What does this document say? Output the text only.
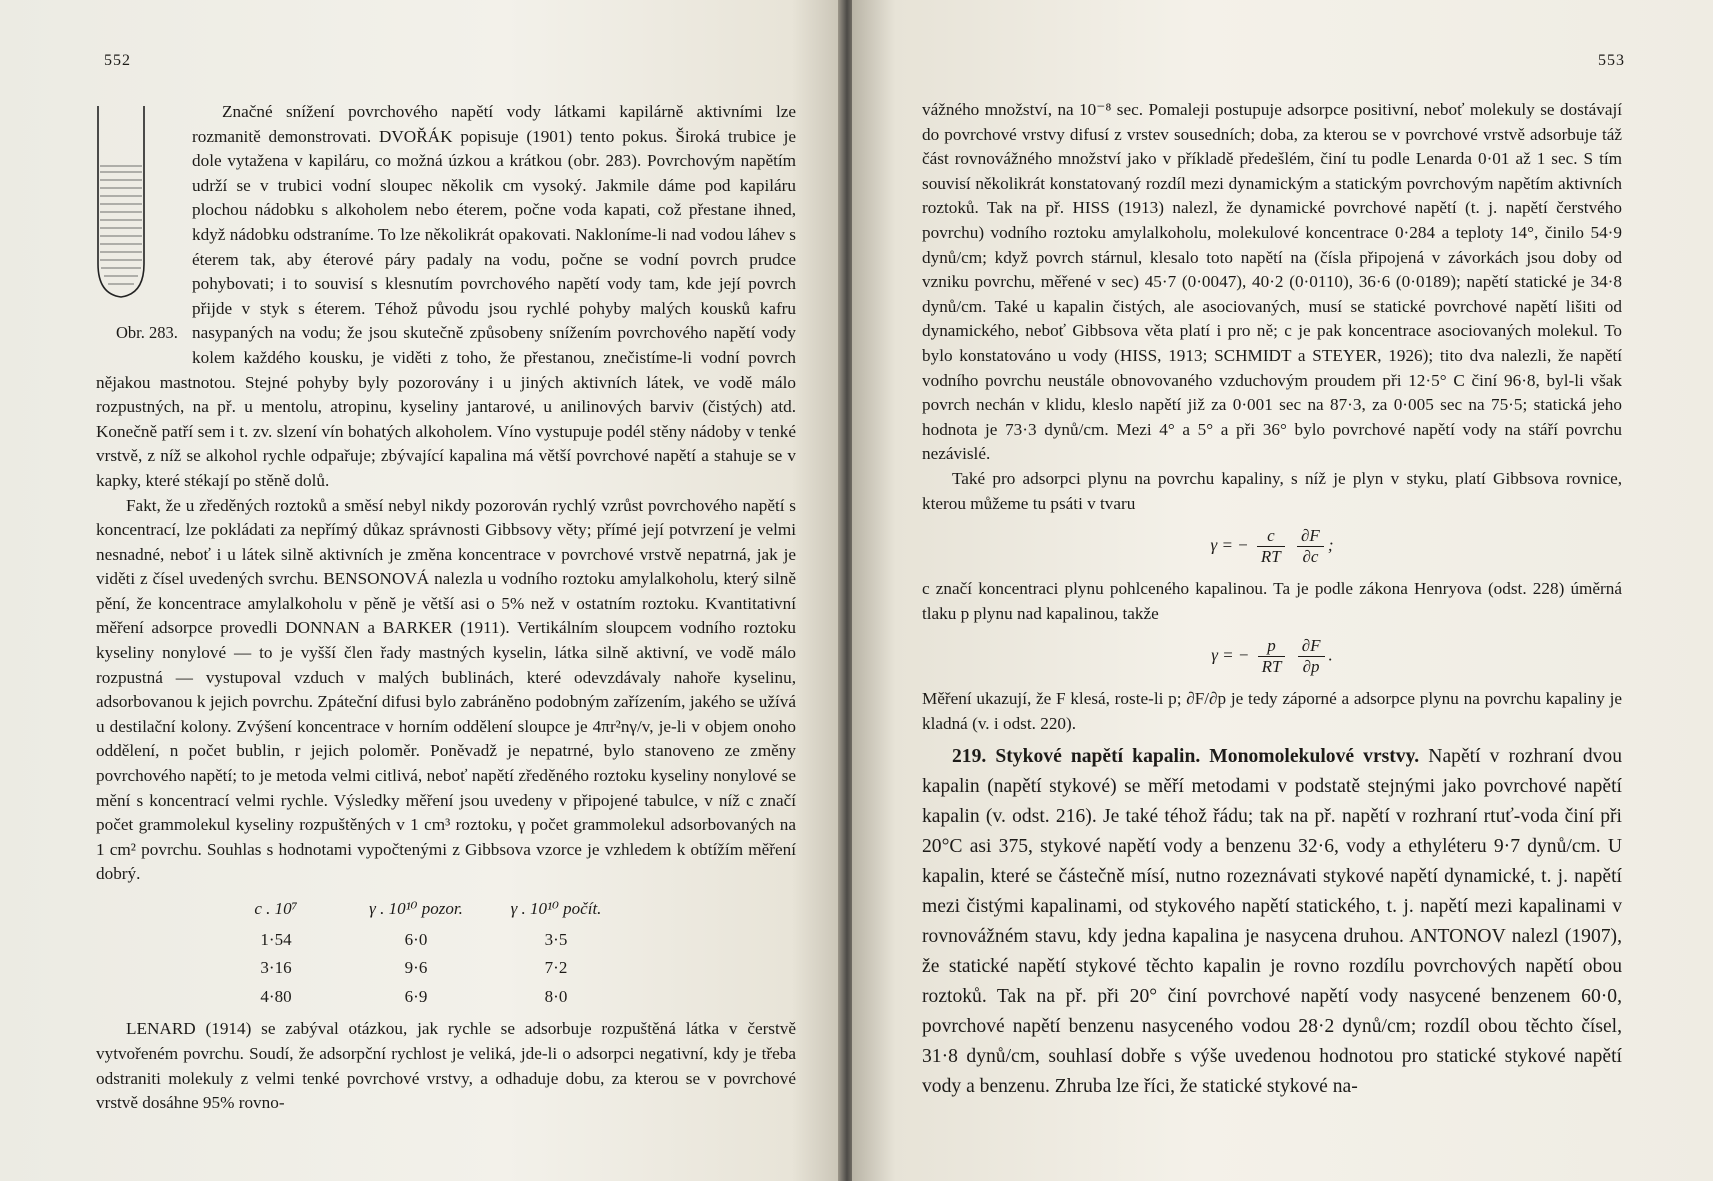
552

Obr. 283.
Značné snížení povrchového napětí vody látkami kapilárně aktivními lze rozmanitě demonstrovati. DVOŘÁK popisuje (1901) tento pokus. Široká trubice je dole vytažena v kapiláru, co možná úzkou a krátkou (obr. 283). Povrchovým napětím udrží se v trubici vodní sloupec několik cm vysoký. Jakmile dáme pod kapiláru plochou nádobku s alkoholem nebo éterem, počne voda kapati, což přestane ihned, když nádobku odstraníme. To lze několikrát opakovati. Nakloníme-li nad vodou láhev s éterem tak, aby éterové páry padaly na vodu, počne se vodní povrch prudce pohybovati; i to souvisí s klesnutím povrchového napětí vody tam, kde její povrch přijde v styk s éterem. Téhož původu jsou rychlé pohyby malých kousků kafru nasypaných na vodu; že jsou skutečně způsobeny snížením povrchového napětí vody kolem každého kousku, je viděti z toho, že přestanou, znečistíme-li vodní povrch nějakou mastnotou. Stejné pohyby byly pozorovány i u jiných aktivních látek, ve vodě málo rozpustných, na př. u mentolu, atropinu, kyseliny jantarové, u anilinových barviv (čistých) atd. Konečně patří sem i t. zv. slzení vín bohatých alkoholem. Víno vystupuje podél stěny nádoby v tenké vrstvě, z níž se alkohol rychle odpařuje; zbývající kapalina má větší povrchové napětí a stahuje se v kapky, které stékají po stěně dolů.

Fakt, že u zředěných roztoků a směsí nebyl nikdy pozorován rychlý vzrůst povrchového napětí s koncentrací, lze pokládati za nepřímý důkaz správnosti Gibbsovy věty; přímé její potvrzení je velmi nesnadné, neboť i u látek silně aktivních je změna koncentrace v povrchové vrstvě nepatrná, jak je viděti z čísel uvedených svrchu. BENSONOVÁ nalezla u vodního roztoku amylalkoholu, který silně pění, že koncentrace amylalkoholu v pěně je větší asi o 5% než v ostatním roztoku. Kvantitativní měření adsorpce provedli DONNAN a BARKER (1911). Vertikálním sloupcem vodního roztoku kyseliny nonylové — to je vyšší člen řady mastných kyselin, látka silně aktivní, ve vodě málo rozpustná — vystupoval vzduch v malých bublinách, které odevzdávaly nahoře kyselinu, adsorbovanou k jejich povrchu. Zpáteční difusi bylo zabráněno podobným zařízením, jakého se užívá u destilační kolony. Zvýšení koncentrace v horním oddělení sloupce je 4πr²nγ/v, je-li v objem onoho oddělení, n počet bublin, r jejich poloměr. Poněvadž je nepatrné, bylo stanoveno ze změny povrchového napětí; to je metoda velmi citlivá, neboť napětí zředěného roztoku kyseliny nonylové se mění s koncentrací velmi rychle. Výsledky měření jsou uvedeny v připojené tabulce, v níž c značí počet grammolekul kyseliny rozpuštěných v 1 cm³ roztoku, γ počet grammolekul adsorbovaných na 1 cm² povrchu. Souhlas s hodnotami vypočtenými z Gibbsova vzorce je vzhledem k obtížím měření dobrý.

c . 10⁷	γ . 10¹⁰ pozor.	γ . 10¹⁰ počít.
1·54	6·0	3·5
3·16	9·6	7·2
4·80	6·9	8·0

LENARD (1914) se zabýval otázkou, jak rychle se adsorbuje rozpuštěná látka v čerstvě vytvořeném povrchu. Soudí, že adsorpční rychlost je veliká, jde-li o adsorpci negativní, kdy je třeba odstraniti molekuly z velmi tenké povrchové vrstvy, a odhaduje dobu, za kterou se v povrchové vrstvě dosáhne 95% rovno-

553

vážného množství, na 10⁻⁸ sec. Pomaleji postupuje adsorpce positivní, neboť molekuly se dostávají do povrchové vrstvy difusí z vrstev sousedních; doba, za kterou se v povrchové vrstvě adsorbuje táž část rovnovážného množství jako v příkladě předešlém, činí tu podle Lenarda 0·01 až 1 sec. S tím souvisí několikrát konstatovaný rozdíl mezi dynamickým a statickým povrchovým napětím aktivních roztoků. Tak na př. HISS (1913) nalezl, že dynamické povrchové napětí (t. j. napětí čerstvého povrchu) vodního roztoku amylalkoholu, molekulové koncentrace 0·284 a teploty 14°, činilo 54·9 dynů/cm; když povrch stárnul, klesalo toto napětí na (čísla připojená v závorkách jsou doby od vzniku povrchu, měřené v sec) 45·7 (0·0047), 40·2 (0·0110), 36·6 (0·0189); napětí statické je 34·8 dynů/cm. Také u kapalin čistých, ale asociovaných, musí se statické povrchové napětí lišiti od dynamického, neboť Gibbsova věta platí i pro ně; c je pak koncentrace asociovaných molekul. To bylo konstatováno u vody (HISS, 1913; SCHMIDT a STEYER, 1926); tito dva nalezli, že napětí vodního povrchu neustále obnovovaného vzduchovým proudem při 12·5° C činí 96·8, byl-li však povrch nechán v klidu, kleslo napětí již za 0·001 sec na 87·3, za 0·005 sec na 75·5; statická jeho hodnota je 73·3 dynů/cm. Mezi 4° a 5° a při 36° bylo povrchové napětí vody na stáří povrchu nezávislé.

Také pro adsorpci plynu na povrchu kapaliny, s níž je plyn v styku, platí Gibbsova rovnice, kterou můžeme tu psáti v tvaru

γ = − $\frac{c}{RT}$
$\frac{\partial F}{\partial c}$ ;

c značí koncentraci plynu pohlceného kapalinou. Ta je podle zákona Henryova (odst. 228) úměrná tlaku p plynu nad kapalinou, takže

γ = − $\frac{p}{RT}$
$\frac{\partial F}{\partial p}$ .

Měření ukazují, že F klesá, roste-li p; ∂F/∂p je tedy záporné a adsorpce plynu na povrchu kapaliny je kladná (v. i odst. 220).

219. Stykové napětí kapalin. Monomolekulové vrstvy. Napětí v rozhraní dvou kapalin (napětí stykové) se měří metodami v podstatě stejnými jako povrchové napětí kapalin (v. odst. 216). Je také téhož řádu; tak na př. napětí v rozhraní rtuť-voda činí při 20°C asi 375, stykové napětí vody a benzenu 32·6, vody a ethyléteru 9·7 dynů/cm. U kapalin, které se částečně mísí, nutno rozeznávati stykové napětí dynamické, t. j. napětí mezi čistými kapalinami, od stykového napětí statického, t. j. napětí mezi kapalinami v rovnovážném stavu, kdy jedna kapalina je nasycena druhou. ANTONOV nalezl (1907), že statické napětí stykové těchto kapalin je rovno rozdílu povrchových napětí obou roztoků. Tak na př. při 20° činí povrchové napětí vody nasycené benzenem 60·0, povrchové napětí benzenu nasyceného vodou 28·2 dynů/cm; rozdíl obou těchto čísel, 31·8 dynů/cm, souhlasí dobře s výše uvedenou hodnotou pro statické stykové napětí vody a benzenu. Zhruba lze říci, že statické stykové na-
